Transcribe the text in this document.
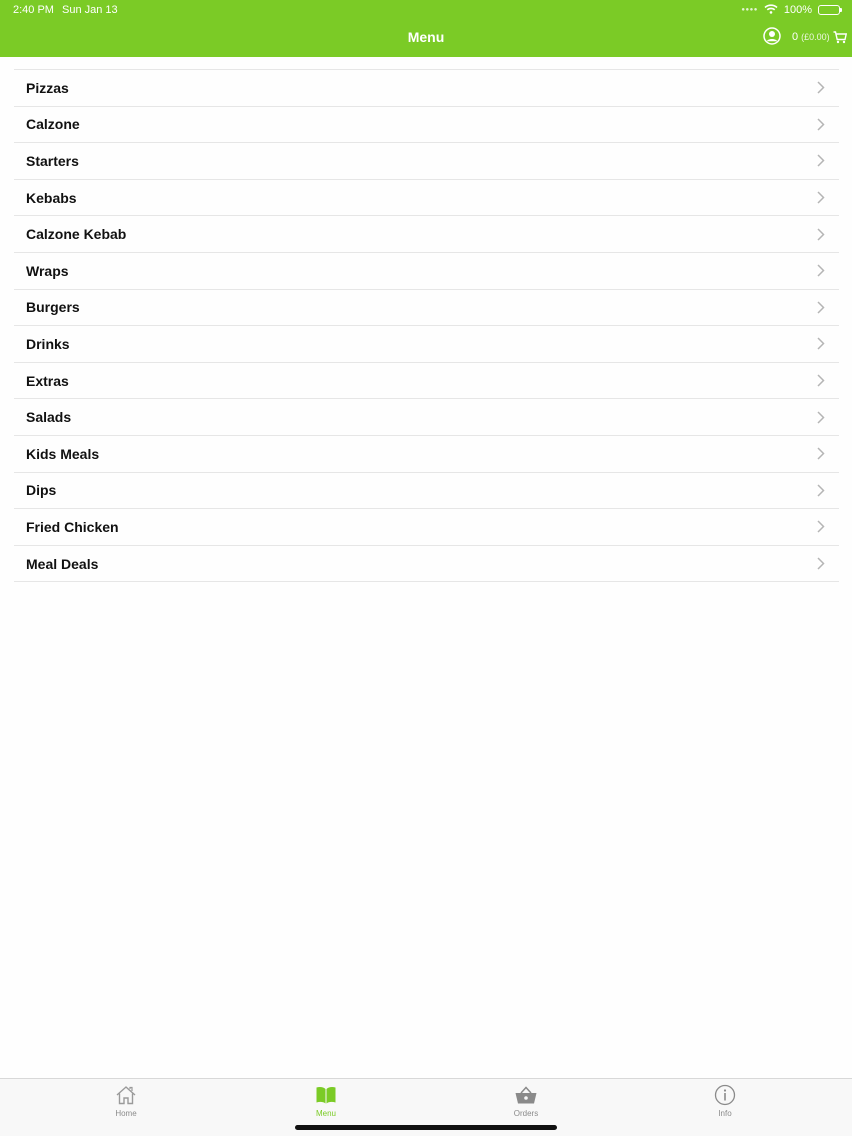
2:40 PM Sun Jan 13	●●●● 100%
Menu	0 (£0.00)
Pizzas
Calzone
Starters
Kebabs
Calzone Kebab
Wraps
Burgers
Drinks
Extras
Salads
Kids Meals
Dips
Fried Chicken
Meal Deals
Home	Menu	Orders	Info
